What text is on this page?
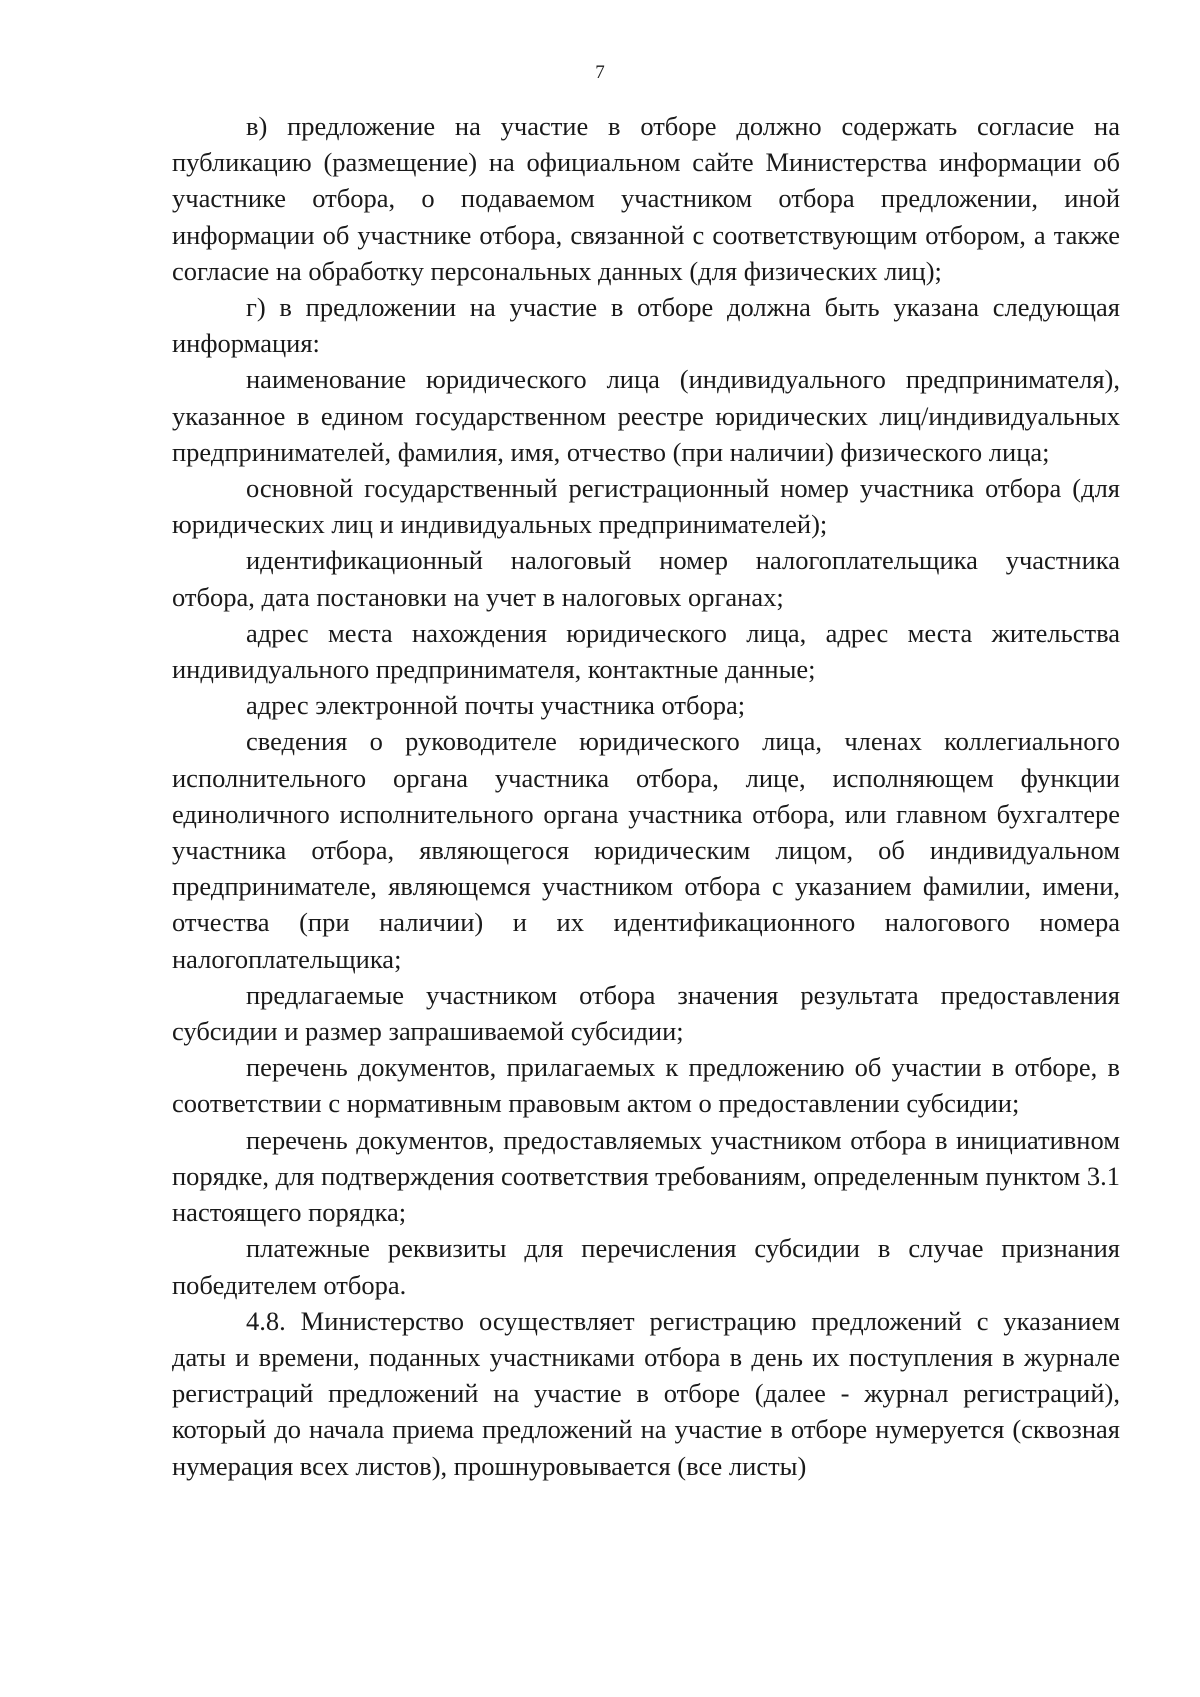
7

в) предложение на участие в отборе должно содержать согласие на публикацию (размещение) на официальном сайте Министерства информации об участнике отбора, о подаваемом участником отбора предложении, иной информации об участнике отбора, связанной с соответствующим отбором, а также согласие на обработку персональных данных (для физических лиц);

г) в предложении на участие в отборе должна быть указана следующая информация:

наименование юридического лица (индивидуального предпринимателя), указанное в едином государственном реестре юридических лиц/индивидуальных предпринимателей, фамилия, имя, отчество (при наличии) физического лица;

основной государственный регистрационный номер участника отбора (для юридических лиц и индивидуальных предпринимателей);

идентификационный налоговый номер налогоплательщика участника отбора, дата постановки на учет в налоговых органах;

адрес места нахождения юридического лица, адрес места жительства индивидуального предпринимателя, контактные данные;

адрес электронной почты участника отбора;

сведения о руководителе юридического лица, членах коллегиального исполнительного органа участника отбора, лице, исполняющем функции единоличного исполнительного органа участника отбора, или главном бухгалтере участника отбора, являющегося юридическим лицом, об индивидуальном предпринимателе, являющемся участником отбора с указанием фамилии, имени, отчества (при наличии) и их идентификационного налогового номера налогоплательщика;

предлагаемые участником отбора значения результата предоставления субсидии и размер запрашиваемой субсидии;

перечень документов, прилагаемых к предложению об участии в отборе, в соответствии с нормативным правовым актом о предоставлении субсидии;

перечень документов, предоставляемых участником отбора в инициативном порядке, для подтверждения соответствия требованиям, определенным пунктом 3.1 настоящего порядка;

платежные реквизиты для перечисления субсидии в случае признания победителем отбора.

4.8. Министерство осуществляет регистрацию предложений с указанием даты и времени, поданных участниками отбора в день их поступления в журнале регистраций предложений на участие в отборе (далее - журнал регистраций), который до начала приема предложений на участие в отборе нумеруется (сквозная нумерация всех листов), прошнуровывается (все листы)
